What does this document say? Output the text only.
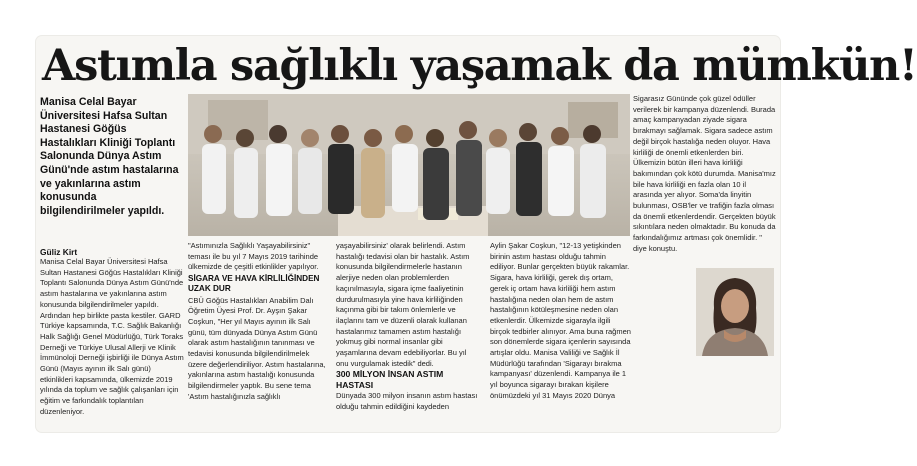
Astımla sağlıklı yaşamak da mümkün!
Manisa Celal Bayar Üniversitesi Hafsa Sultan Hastanesi Göğüs Hastalıkları Kliniği Toplantı Salonunda Dünya Astım Günü'nde astım hastalarına ve yakınlarına astım konusunda bilgilendirilmeler yapıldı.
Güliz Kirt
Manisa Celal Bayar Üniversitesi Hafsa Sultan Hastanesi Göğüs Hastalıkları Kliniği Toplantı Salonunda Dünya Astım Günü'nde astım hastalarına ve yakınlarına astım konusunda bilgilendirilmeler yapıldı. Ardından hep birlikte pasta kestiler. GARD Türkiye kapsamında, T.C. Sağlık Bakanlığı Halk Sağlığı Genel Müdürlüğü, Türk Toraks Derneği ve Türkiye Ulusal Allerji ve Klinik İmmünoloji Derneği işbirliği ile Dünya Astım Günü (Mayıs ayının ilk Salı günü) etkinlikleri kapsamında, ülkemizde 2019 yılında da toplum ve sağlık çalışanları için eğitim ve farkındalık toplantıları düzenleniyor.
"Astımınızla Sağlıklı Yaşayabilirsiniz" teması ile bu yıl 7 Mayıs 2019 tarihinde ülkemizde de çeşitli etkinlikler yapılıyor.
SİGARA VE HAVA KİRLİLİĞİNDEN UZAK DUR
CBÜ Göğüs Hastalıkları Anabilim Dalı Öğretim Üyesi Prof. Dr. Ayşın Şakar Coşkun, "Her yıl Mayıs ayının ilk Salı günü, tüm dünyada Dünya Astım Günü olarak astım hastalığının tanınması ve tedavisi konusunda bilgilendirilmelek üzere değerlendiriliyor. Astım hastalarına, yakınlarına astım hastalığı konusunda bilgilendirmeler yaptık. Bu sene tema 'Astım hastalığınızla sağlıklı
yaşayabilirsiniz' olarak belirlendi. Astım hastalığı tedavisi olan bir hastalık. Astım konusunda bilgilendirmelerle hastanın alerjiye neden olan problemlerden kaçınılmasıyla, sigara içme faaliyetinin durdurulmasıyla yine hava kirliliğinden kaçınma gibi bir takım önlemlerle ve ilaçlarını tam ve düzenli olarak kullanan hastalarımız tamamen astım hastalığı yokmuş gibi normal insanlar gibi yaşamlarına devam edebiliyorlar. Bu yıl onu vurgulamak istedik" dedi.
300 MİLYON İNSAN ASTIM HASTASI
Dünyada 300 milyon insanın astım hastası olduğu tahmin edildiğini kaydeden
Aylin Şakar Coşkun, "12-13 yetişkinden birinin astım hastası olduğu tahmin ediliyor. Bunlar gerçekten büyük rakamlar. Sigara, hava kirliliği, gerek dış ortam, gerek iç ortam hava kirliliği hem astım hastalığına neden olan hem de astım hastalığının kötüleşmesine neden olan etkenlerdir. Ülkemizde sigarayla ilgili birçok tedbirler alınıyor. Ama buna rağmen son dönemlerde sigara içenlerin sayısında artışlar oldu. Manisa Valiliği ve Sağlık İl Müdürlüğü tarafından 'Sigarayı bırakma kampanyası' düzenlendi. Kampanya ile 1 yıl boyunca sigarayı bırakan kişilere önümüzdeki yıl 31 Mayıs 2020 Dünya
Sigarasız Gününde çok güzel ödüller verilerek bir kampanya düzenlendi. Burada amaç kampanyadan ziyade sigara bırakmayı sağlamak. Sigara sadece astım değil birçok hastalığa neden oluyor. Hava kirliliği de önemli etkenlerden biri. Ülkemizin bütün illeri hava kirliliği bakımından çok kötü durumda. Manisa'mız bile hava kirliliği en fazla olan 10 il arasında yer alıyor. Soma'da linyitin bulunması, OSB'ler ve trafiğin fazla olması da önemli etkenlerdendir. Gerçekten büyük sıkıntılara neden olmaktadır. Bu konuda da farkındalığımız artması çok önemlidir. " diye konuştu.
